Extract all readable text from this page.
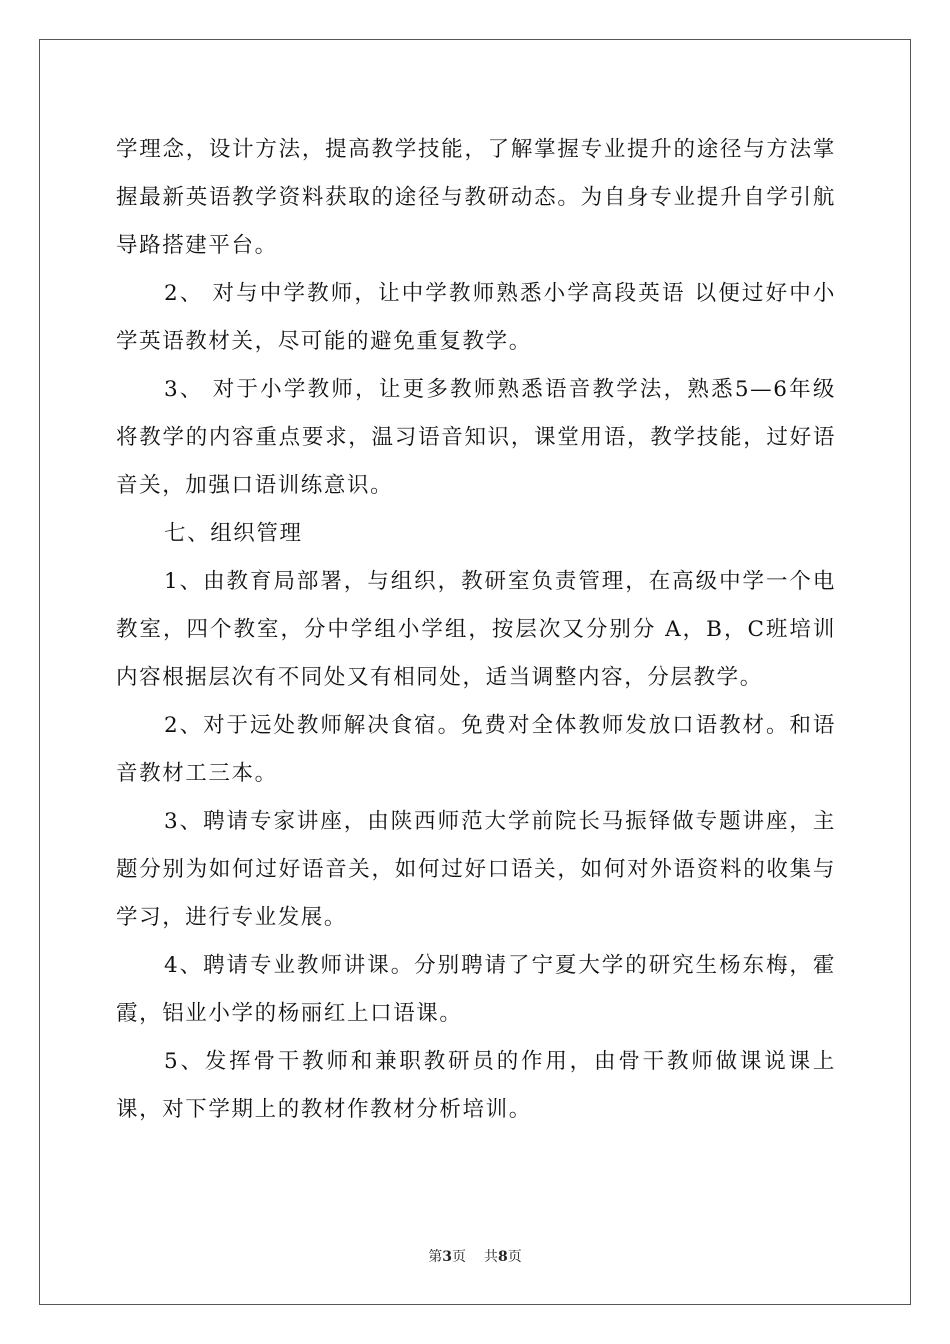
学理念，设计方法，提高教学技能，了解掌握专业提升的途径与方法掌握最新英语教学资料获取的途径与教研动态。为自身专业提升自学引航导路搭建平台。

2、 对与中学教师，让中学教师熟悉小学高段英语 以便过好中小学英语教材关，尽可能的避免重复教学。

3、 对于小学教师，让更多教师熟悉语音教学法，熟悉5—6年级将教学的内容重点要求，温习语音知识，课堂用语，教学技能，过好语音关，加强口语训练意识。

七、组织管理

1、由教育局部署，与组织，教研室负责管理，在高级中学一个电教室，四个教室，分中学组小学组，按层次又分别分 A，B，C班培训内容根据层次有不同处又有相同处，适当调整内容，分层教学。

2、对于远处教师解决食宿。免费对全体教师发放口语教材。和语音教材工三本。

3、聘请专家讲座，由陕西师范大学前院长马振铎做专题讲座，主题分别为如何过好语音关，如何过好口语关，如何对外语资料的收集与学习，进行专业发展。

4、聘请专业教师讲课。分别聘请了宁夏大学的研究生杨东梅，霍霞，铝业小学的杨丽红上口语课。

5、发挥骨干教师和兼职教研员的作用，由骨干教师做课说课上课，对下学期上的教材作教材分析培训。

第3页 共8页
